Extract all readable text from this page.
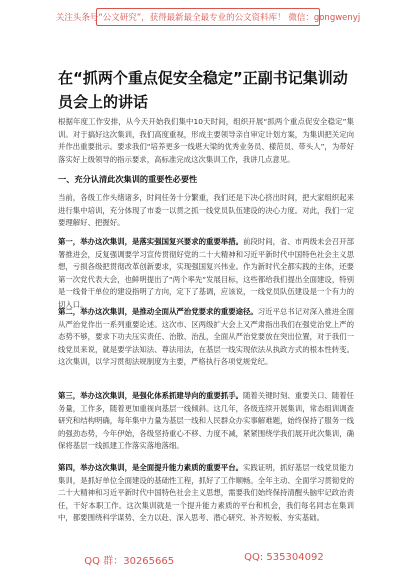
关注头条号“公文研究”，获得最新最全最专业的公文资料库！ 微信：gongwenyj
在“抓两个重点促安全稳定”正副书记集训动员会上的讲话

根据年度工作安排，从今天开始我们集中10天时间，组织开展“抓两个重点促安全稳定”集训。对于搞好这次集训，我们高度重视，形成主要领导亲自审定计划方案，为集训把关定向并作出重要批示。要求我们“培养更多一线堪大梁的优秀业务员、樣范员、带头人”，为带好落实好上级领导的指示要求，高标准完成这次集训工作，我讲几点意见。

一、充分认清此次集训的重要性必要性

当前，各级工作头绪诸多，时间任务十分繁重，我们还是下决心挤出时间，把大家组织起来进行集中培训，充分体现了市委一以贯之抓一线党员队伍建设的决心力度。对此，我们一定要理解好、把握好。

第一，举办这次集训，是落实强国复兴要求的重要举措。前段时间，省、市两级未会召开部署推进会，反复强调要学习宣传贯彻好党的二十大精神和习近平新时代中国特色社会主义思想，亏损各级把贯彻改革创新要求，实现强国复兴伟业。作为新时代全都实践的主体，还要第一次党代表大会，也鲜明提出了“两个率先”发展目标，这些都给我们提出全面建设，特别是一线骨干单位的建设指明了方向，定下了基调，应该说，一线党员队伍建设是一个有力的切入口。

第二，举办这次集训，是推动全面从严治党要求的重要途径。习近平总书记对深入推进全面从严治党作出一系列重要论述。这次市、区两级扩大会上又严肃指出我们在强党治党上严的态势不够，要求下功夫压实责任、治散、治乱，全面从严治党要放在突出位置，对于我们一线党员来说，就是要学法知法、尊法用法，在基层一线实现依法从执政方式的根本性转变。这次集训，以学习贯彻法规制度为主要，严格执行各项党规党纪。

第三，举办这次集训，是强化体系抓建导向的重要抓手。随着关键时刻、重要关口、随着任务量，工作多，随着更加重视向基层一线倾斜。这几年，各级连续开展集训，常态组训调查研究和结构明确，每年集中力量为基层一线和人民群众办实事解难题，始终保持了服务一线的强劲态势，今年伊始，各级坚持重心不移、力度不减，紧紧围绕学我们展开此次集训，确保将基层一线抓建工作落实落地落细。

第四，举办这次集训，是全面提升能力素质的重要平台。实践证明，抓好基层一线党员能力集训，是抓好单位全面建设的基础性工程，抓好了工作顺畅。全年主动、全面学习贯彻党的二十大精神和习近平新时代中国特色社会主义思想，需要我们始终保持清醒头脑牢记政治责任，干好本职工作。这次集训就是一个提升能力素质的平台和机会，我们每名同志在集训中，都要围绕科学谋势、全力以赴、深入思考、潜心研究、补齐短板、夯实基础。

QQ 群：30265665	QQ: 535304092
